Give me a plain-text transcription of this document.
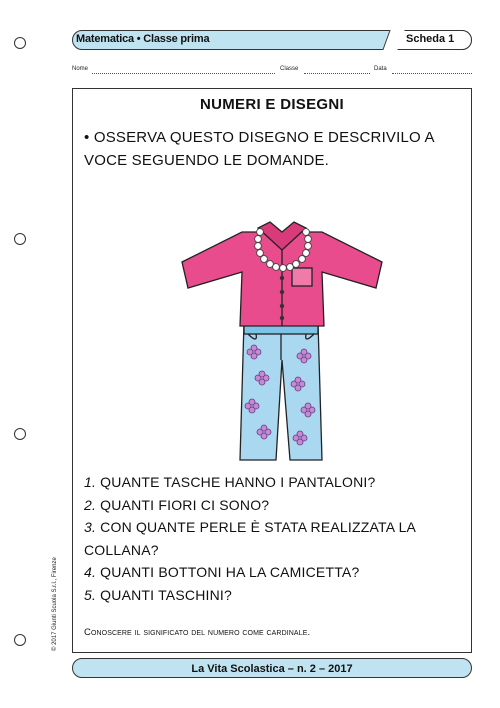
Matematica • Classe prima	Scheda 1
Nome	Classe	Data
NUMERI E DISEGNI
• OSSERVA QUESTO DISEGNO E DESCRIVILO A VOCE SEGUENDO LE DOMANDE.
1. QUANTE TASCHE HANNO I PANTALONI?
2. QUANTI FIORI CI SONO?
3. CON QUANTE PERLE È STATA REALIZZATA LA COLLANA?
4. QUANTI BOTTONI HA LA CAMICETTA?
5. QUANTI TASCHINI?
Conoscere il significato del numero come cardinale.
© 2017 Giunti Scuola S.r.l., Firenze
La Vita Scolastica – n. 2 – 2017
